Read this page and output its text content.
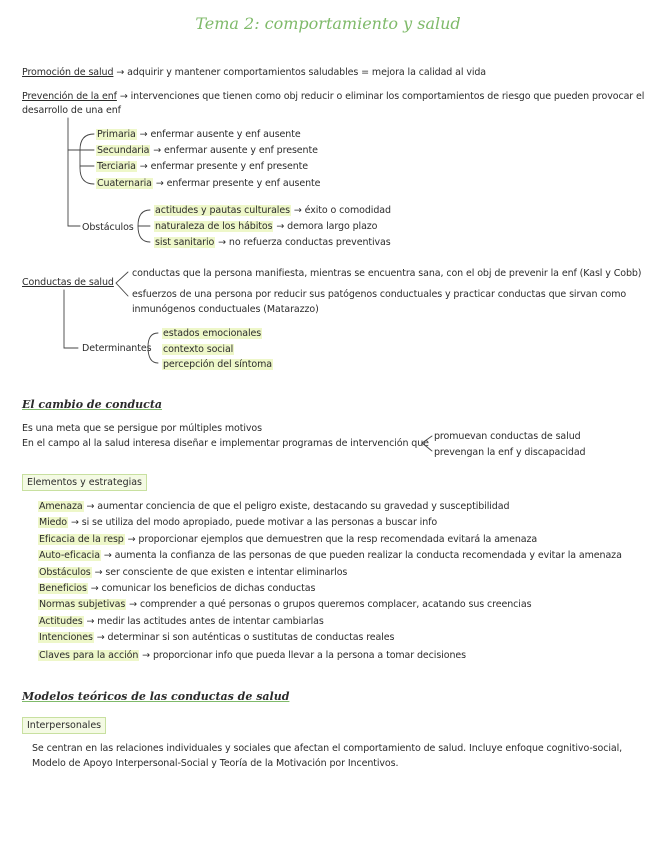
Tema 2: comportamiento y salud
Promoción de salud → adquirir y mantener comportamientos saludables = mejora la calidad al vida
Prevención de la enf → intervenciones que tienen como obj reducir o eliminar los comportamientos de riesgo que pueden provocar el
desarrollo de una enf
Primaria → enfermar ausente y enf ausente
Secundaria → enfermar ausente y enf presente
Terciaria → enfermar presente y enf presente
Cuaternaria → enfermar presente y enf ausente
Obstáculos
actitudes y pautas culturales → éxito o comodidad
naturaleza de los hábitos → demora largo plazo
sist sanitario → no refuerza conductas preventivas
Conductas de salud
conductas que la persona manifiesta, mientras se encuentra sana, con el obj de prevenir la enf (Kasl y Cobb)
esfuerzos de una persona por reducir sus patógenos conductuales y practicar conductas que sirvan como
inmunógenos conductuales (Matarazzo)
Determinantes
estados emocionales
contexto social
percepción del síntoma
El cambio de conducta
Es una meta que se persigue por múltiples motivos
En el campo al la salud interesa diseñar e implementar programas de intervención que
promuevan conductas de salud
prevengan la enf y discapacidad
Elementos y estrategias
Amenaza → aumentar conciencia de que el peligro existe, destacando su gravedad y susceptibilidad
Miedo → si se utiliza del modo apropiado, puede motivar a las personas a buscar info
Eficacia de la resp → proporcionar ejemplos que demuestren que la resp recomendada evitará la amenaza
Auto-eficacia → aumenta la confianza de las personas de que pueden realizar la conducta recomendada y evitar la amenaza
Obstáculos → ser consciente de que existen e intentar eliminarlos
Beneficios → comunicar los beneficios de dichas conductas
Normas subjetivas → comprender a qué personas o grupos queremos complacer, acatando sus creencias
Actitudes → medir las actitudes antes de intentar cambiarlas
Intenciones → determinar si son auténticas o sustitutas de conductas reales
Claves para la acción → proporcionar info que pueda llevar a la persona a tomar decisiones
Modelos teóricos de las conductas de salud
Interpersonales
Se centran en las relaciones individuales y sociales que afectan el comportamiento de salud. Incluye enfoque cognitivo-social,
Modelo de Apoyo Interpersonal-Social y Teoría de la Motivación por Incentivos.
